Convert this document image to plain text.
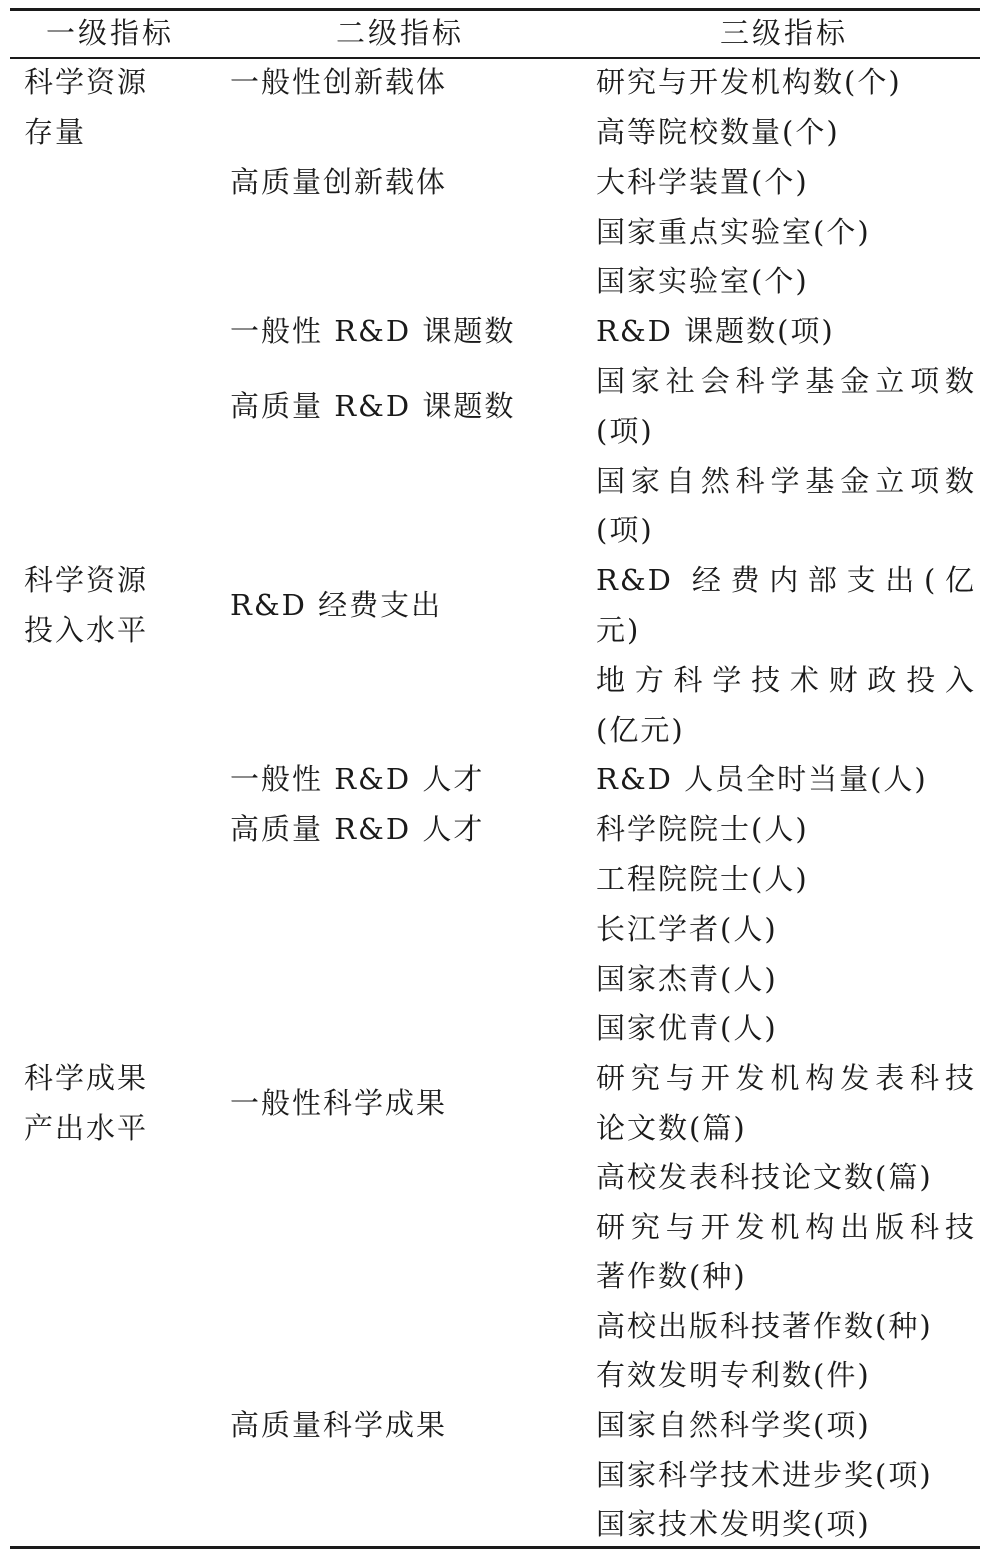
一级指标	二级指标	三级指标
科学资源
存量
科学资源
投入水平
科学成果
产出水平
一般性创新载体
高质量创新载体
一般性 R&D 课题数
高质量 R&D 课题数
R&D 经费支出
一般性 R&D 人才
高质量 R&D 人才
一般性科学成果
高质量科学成果
研究与开发机构数(个)
高等院校数量(个)
大科学装置(个)
国家重点实验室(个)
国家实验室(个)
R&D 课题数(项)
国家社会科学基金立项数
(项)
国家自然科学基金立项数
(项)
R&D 经费内部支出(亿
元)
地方科学技术财政投入
(亿元)
R&D 人员全时当量(人)
科学院院士(人)
工程院院士(人)
长江学者(人)
国家杰青(人)
国家优青(人)
研究与开发机构发表科技
论文数(篇)
高校发表科技论文数(篇)
研究与开发机构出版科技
著作数(种)
高校出版科技著作数(种)
有效发明专利数(件)
国家自然科学奖(项)
国家科学技术进步奖(项)
国家技术发明奖(项)
